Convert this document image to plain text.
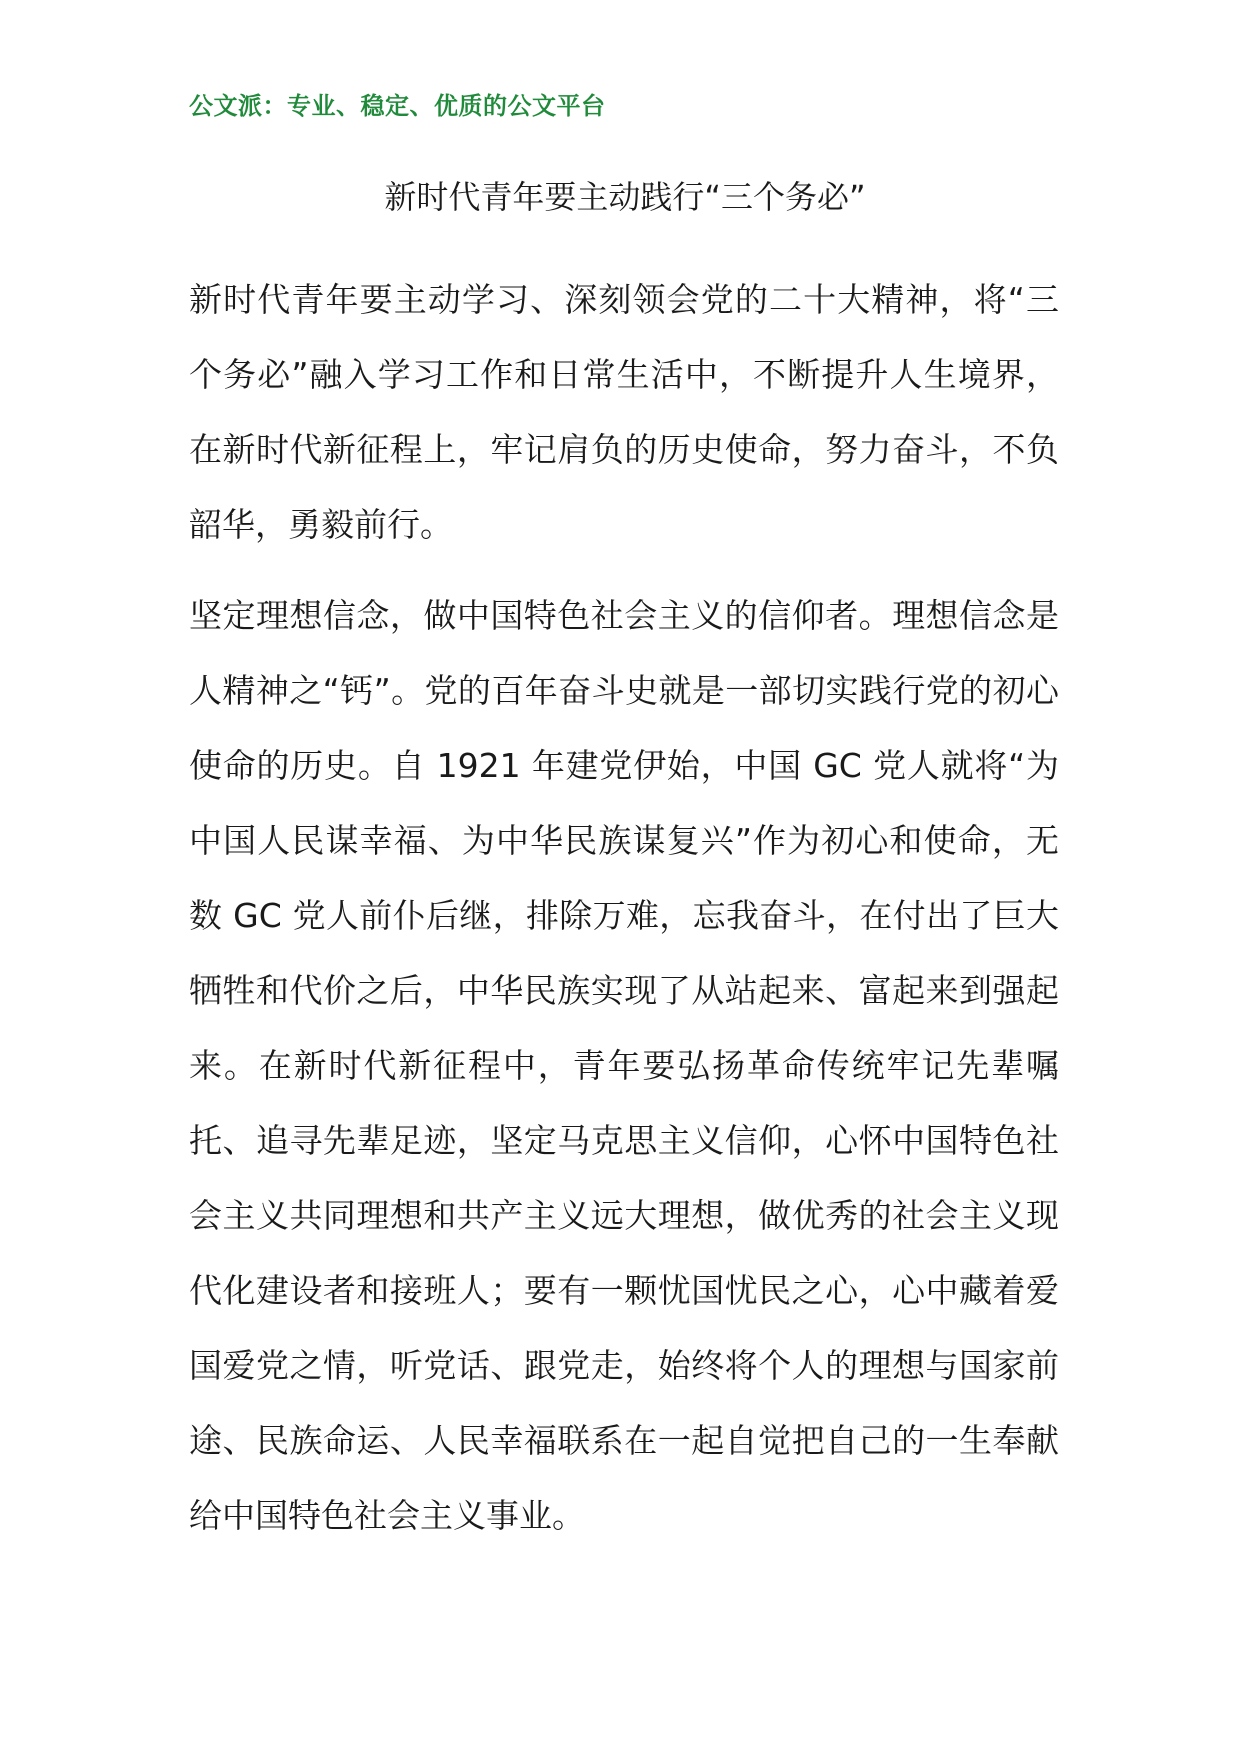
公文派：专业、稳定、优质的公文平台
新时代青年要主动践行“三个务必”

新时代青年要主动学习、深刻领会党的二十大精神，将“三个务必”融入学习工作和日常生活中，不断提升人生境界，在新时代新征程上，牢记肩负的历史使命，努力奋斗，不负韶华，勇毅前行。

坚定理想信念，做中国特色社会主义的信仰者。理想信念是人精神之“钙”。党的百年奋斗史就是一部切实践行党的初心使命的历史。自 1921 年建党伊始，中国 GC 党人就将“为中国人民谋幸福、为中华民族谋复兴”作为初心和使命，无数 GC 党人前仆后继，排除万难，忘我奋斗，在付出了巨大牺牲和代价之后，中华民族实现了从站起来、富起来到强起来。在新时代新征程中，青年要弘扬革命传统牢记先辈嘱托、追寻先辈足迹，坚定马克思主义信仰，心怀中国特色社会主义共同理想和共产主义远大理想，做优秀的社会主义现代化建设者和接班人；要有一颗忧国忧民之心，心中藏着爱国爱党之情，听党话、跟党走，始终将个人的理想与国家前途、民族命运、人民幸福联系在一起自觉把自己的一生奉献给中国特色社会主义事业。
